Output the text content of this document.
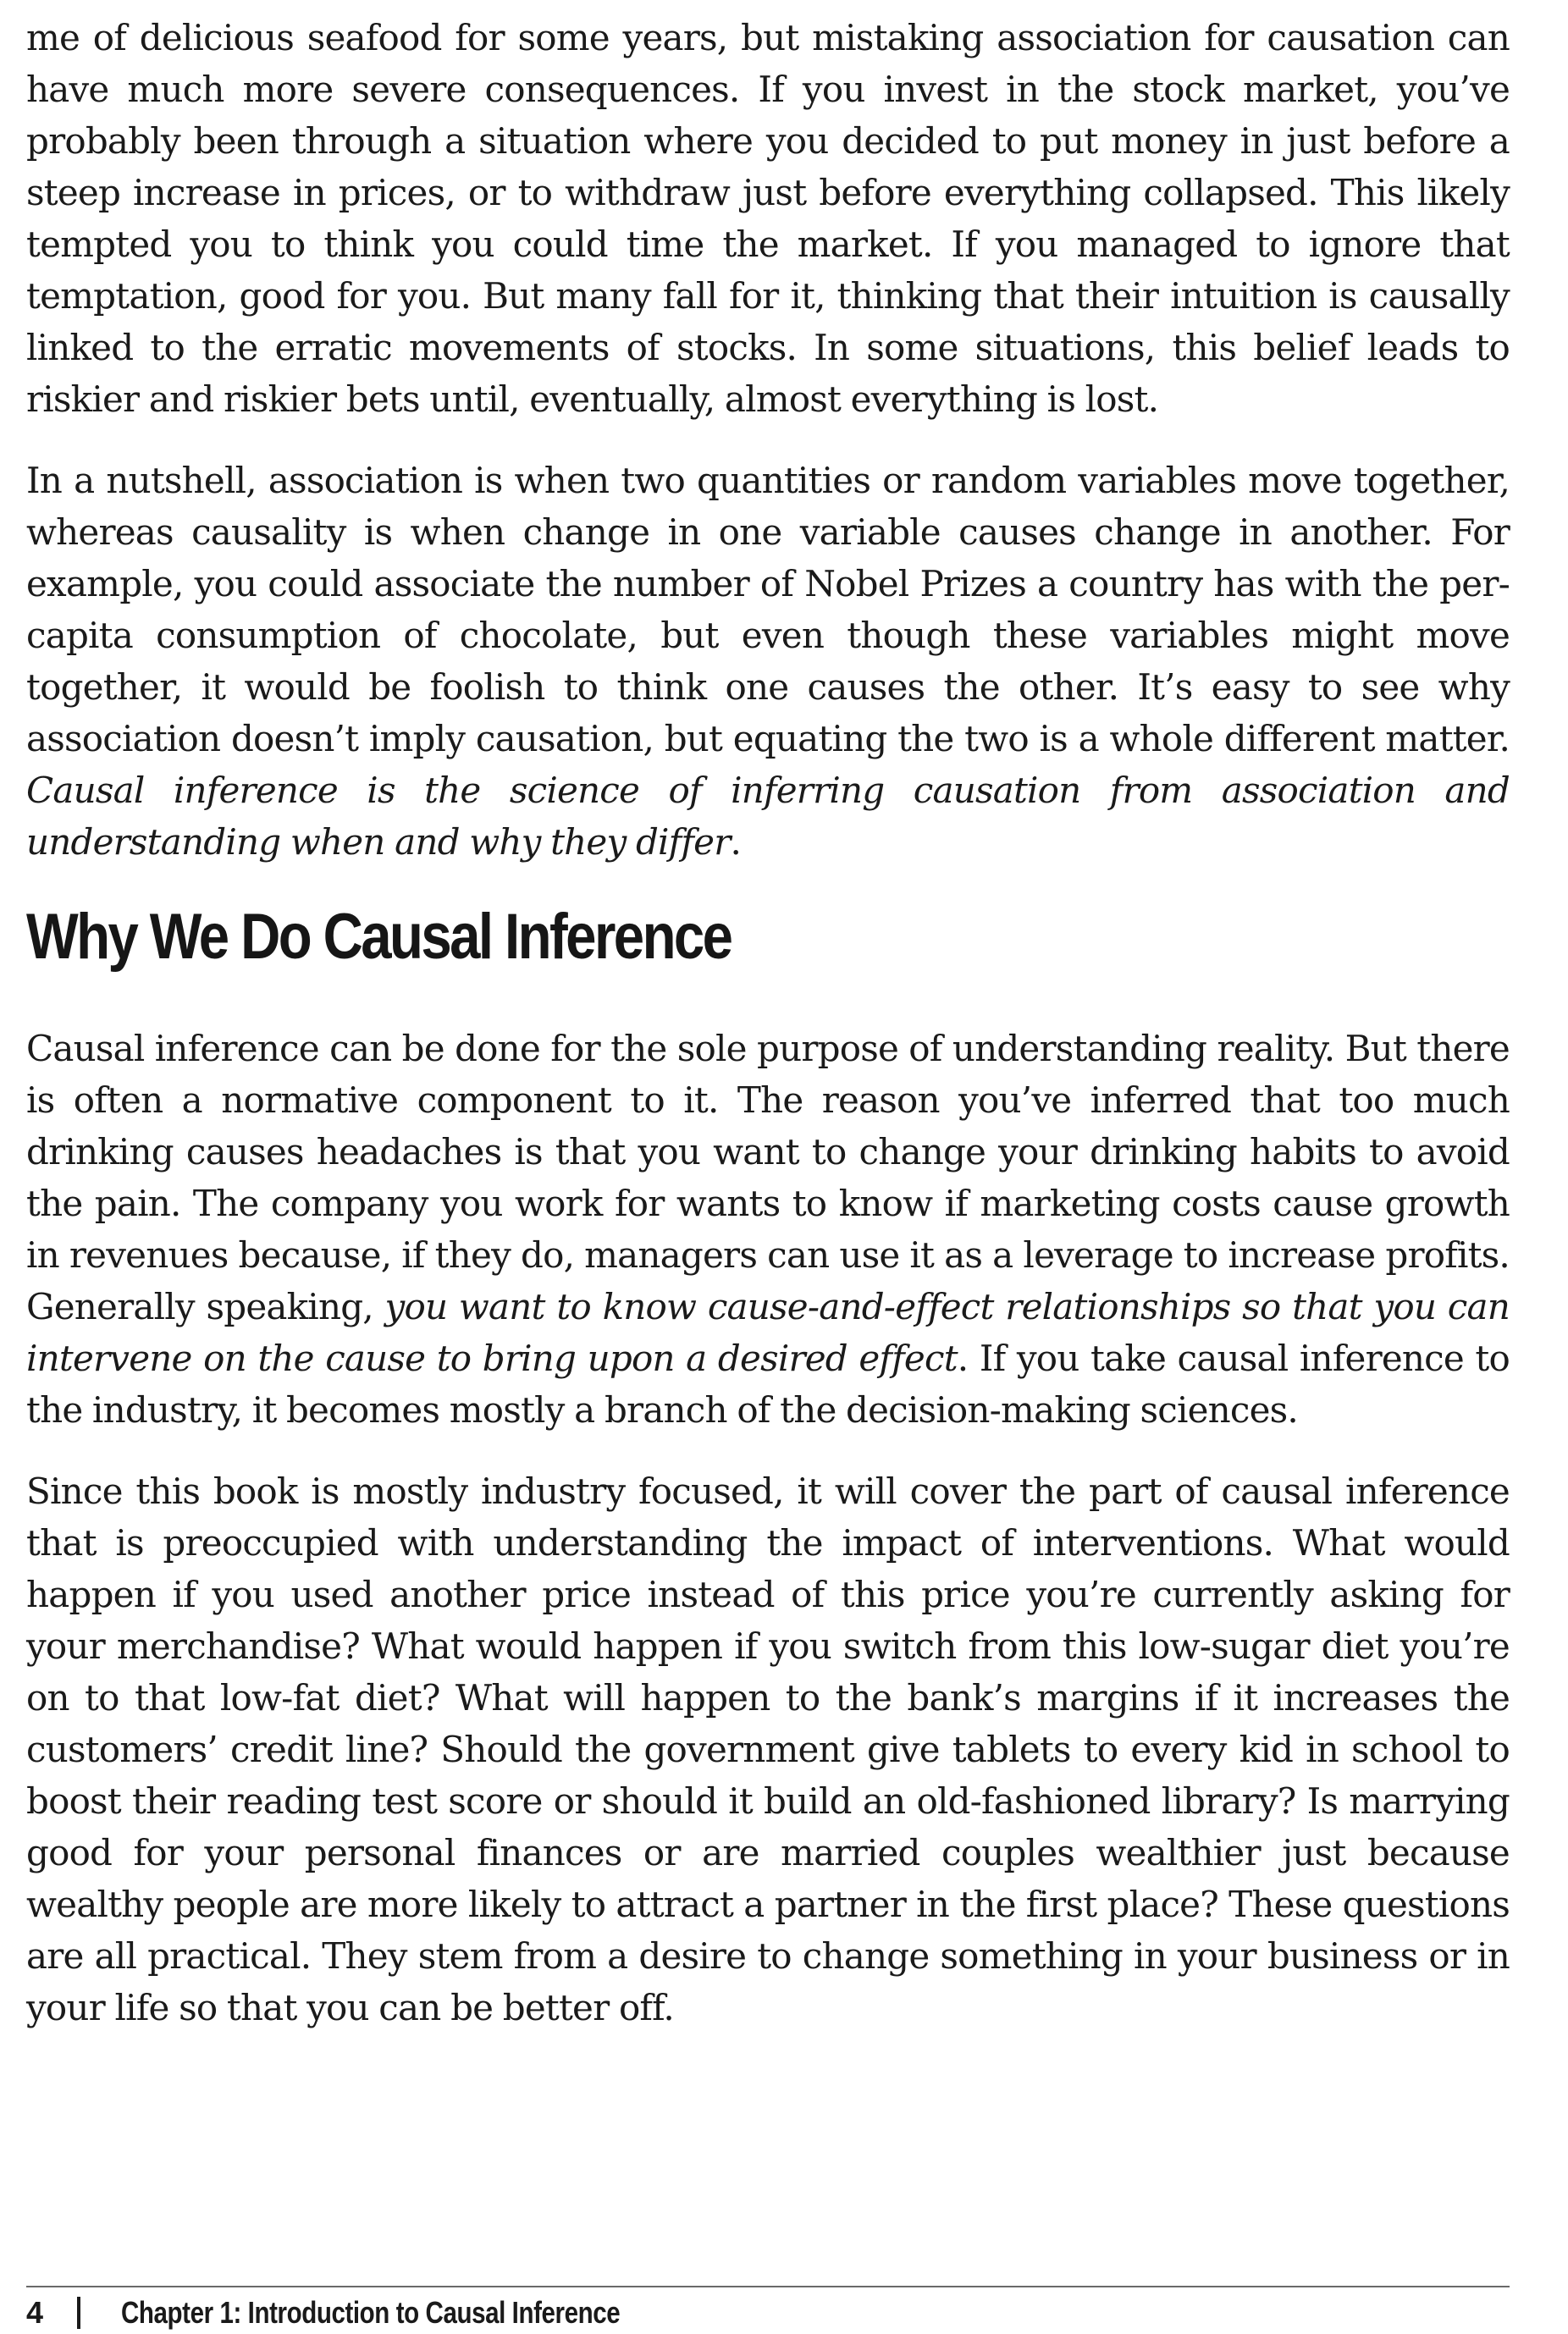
me of delicious seafood for some years, but mistaking association for causation can have much more severe consequences. If you invest in the stock market, you’ve probably been through a situation where you decided to put money in just before a steep increase in prices, or to withdraw just before everything collapsed. This likely tempted you to think you could time the market. If you managed to ignore that temptation, good for you. But many fall for it, thinking that their intuition is causally linked to the erratic movements of stocks. In some situations, this belief leads to riskier and riskier bets until, eventually, almost everything is lost.

In a nutshell, association is when two quantities or random variables move together, whereas causality is when change in one variable causes change in another. For example, you could associate the number of Nobel Prizes a country has with the per-capita consumption of chocolate, but even though these variables might move together, it would be foolish to think one causes the other. It’s easy to see why association doesn’t imply causation, but equating the two is a whole different matter. Causal inference is the science of inferring causation from association and understanding when and why they differ.

Why We Do Causal Inference

Causal inference can be done for the sole purpose of understanding reality. But there is often a normative component to it. The reason you’ve inferred that too much drinking causes headaches is that you want to change your drinking habits to avoid the pain. The company you work for wants to know if marketing costs cause growth in revenues because, if they do, managers can use it as a leverage to increase profits. Generally speaking, you want to know cause-and-effect relationships so that you can intervene on the cause to bring upon a desired effect. If you take causal inference to the industry, it becomes mostly a branch of the decision-making sciences.

Since this book is mostly industry focused, it will cover the part of causal inference that is preoccupied with understanding the impact of interventions. What would happen if you used another price instead of this price you’re currently asking for your merchandise? What would happen if you switch from this low-sugar diet you’re on to that low-fat diet? What will happen to the bank’s margins if it increases the customers’ credit line? Should the government give tablets to every kid in school to boost their reading test score or should it build an old-fashioned library? Is marrying good for your personal finances or are married couples wealthier just because wealthy people are more likely to attract a partner in the first place? These questions are all practical. They stem from a desire to change something in your business or in your life so that you can be better off.

4	Chapter 1: Introduction to Causal Inference
